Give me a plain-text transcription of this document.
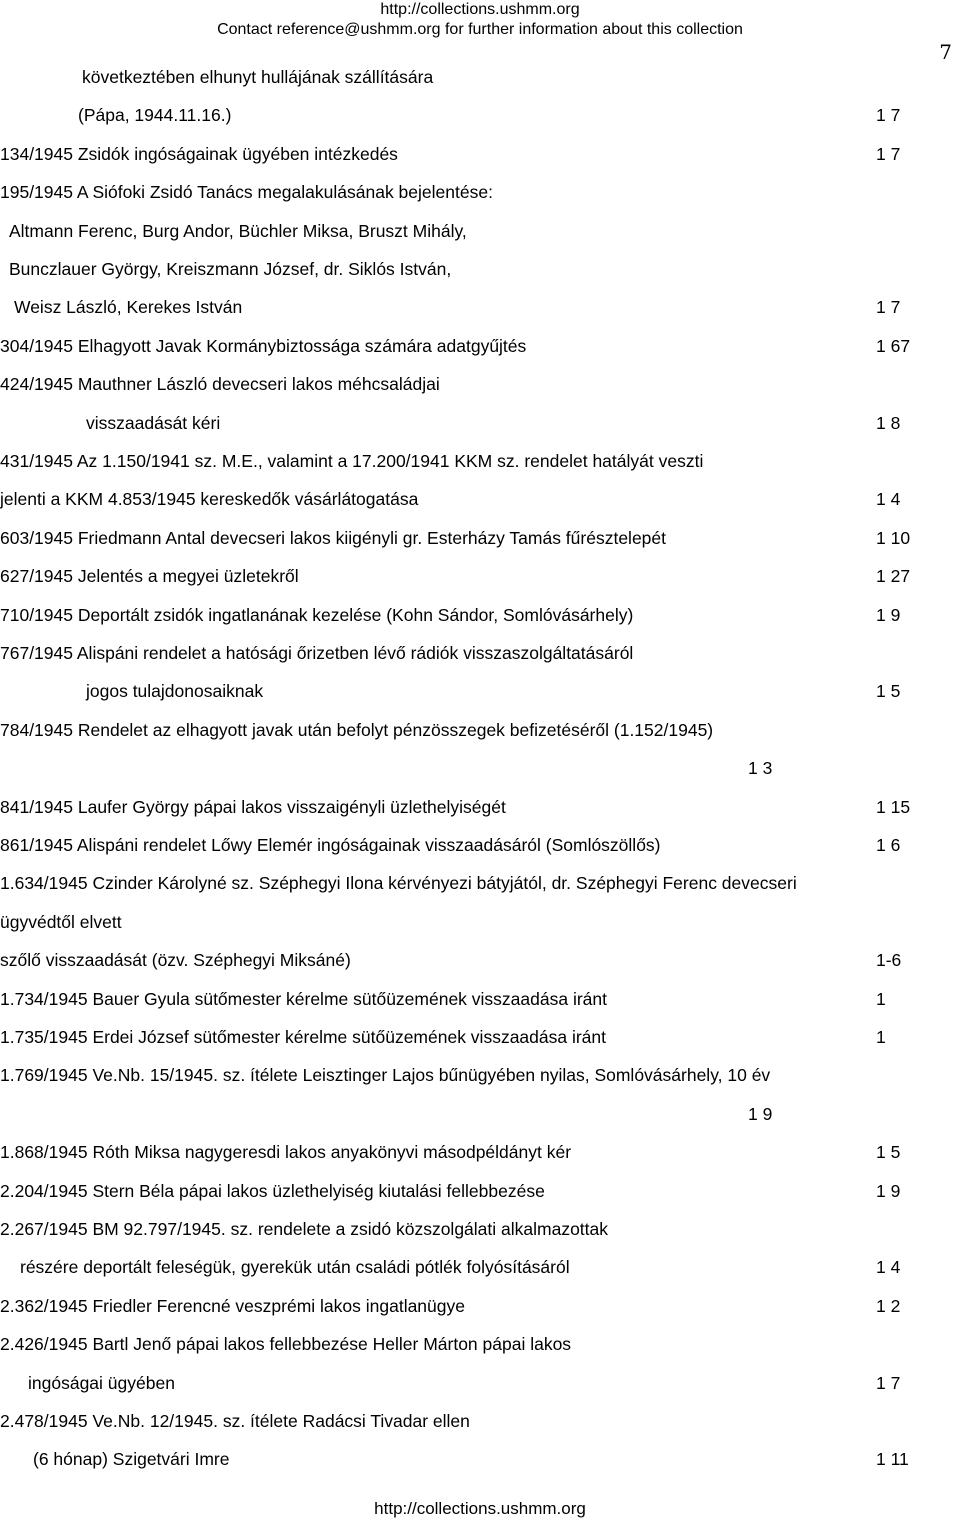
http://collections.ushmm.org
Contact reference@ushmm.org for further information about this collection
7
következtében elhunyt hullájának szállítására
(Pápa, 1944.11.16.)	1 7
134/1945 Zsidók ingóságainak ügyében intézkedés	1 7
195/1945 A Siófoki Zsidó Tanács megalakulásának bejelentése:
Altmann Ferenc, Burg Andor, Büchler Miksa, Bruszt Mihály,
Bunczlauer György, Kreiszmann József, dr. Siklós István,
Weisz László, Kerekes István	1 7
304/1945 Elhagyott Javak Kormánybiztossága számára adatgyűjtés	1 67
424/1945 Mauthner László devecseri lakos méhcsaládjai
visszaadását kéri	1 8
431/1945 Az 1.150/1941 sz. M.E., valamint a 17.200/1941 KKM sz. rendelet hatályát veszti
jelenti a KKM 4.853/1945 kereskedők vásárlátogatása	1 4
603/1945 Friedmann Antal devecseri lakos kiigényli gr. Esterházy Tamás fűrésztelepét	1 10
627/1945 Jelentés a megyei üzletekről	1 27
710/1945 Deportált zsidók ingatlanának kezelése (Kohn Sándor, Somlóvásárhely)	1 9
767/1945 Alispáni rendelet a hatósági őrizetben lévő rádiók visszaszolgáltatásáról
jogos tulajdonosaiknak	1 5
784/1945 Rendelet az elhagyott javak után befolyt pénzösszegek befizetéséről (1.152/1945)
1 3
841/1945 Laufer György pápai lakos visszaigényli üzlethelyiségét	1 15
861/1945 Alispáni rendelet Lőwy Elemér ingóságainak visszaadásáról (Somlószöllős)	1 6
1.634/1945 Czinder Károlyné sz. Széphegyi Ilona kérvényezi bátyjától, dr. Széphegyi Ferenc devecseri
ügyvédtől elvett
szőlő visszaadását (özv. Széphegyi Miksáné)	1-6
1.734/1945 Bauer Gyula sütőmester kérelme sütőüzemének visszaadása iránt	1
1.735/1945 Erdei József sütőmester kérelme sütőüzemének visszaadása iránt	1
1.769/1945 Ve.Nb. 15/1945. sz. ítélete Leisztinger Lajos bűnügyében nyilas, Somlóvásárhely, 10 év
1 9
1.868/1945 Róth Miksa nagygeresdi lakos anyakönyvi másodpéldányt kér	1 5
2.204/1945 Stern Béla pápai lakos üzlethelyiség kiutalási fellebbezése	1 9
2.267/1945 BM 92.797/1945. sz. rendelete a zsidó közszolgálati alkalmazottak
részére deportált feleségük, gyerekük után családi pótlék folyósításáról	1 4
2.362/1945 Friedler Ferencné veszprémi lakos ingatlanügye	1 2
2.426/1945 Bartl Jenő pápai lakos fellebbezése Heller Márton pápai lakos
ingóságai ügyében	1 7
2.478/1945 Ve.Nb. 12/1945. sz. ítélete Radácsi Tivadar ellen
(6 hónap) Szigetvári Imre	1 11
http://collections.ushmm.org
